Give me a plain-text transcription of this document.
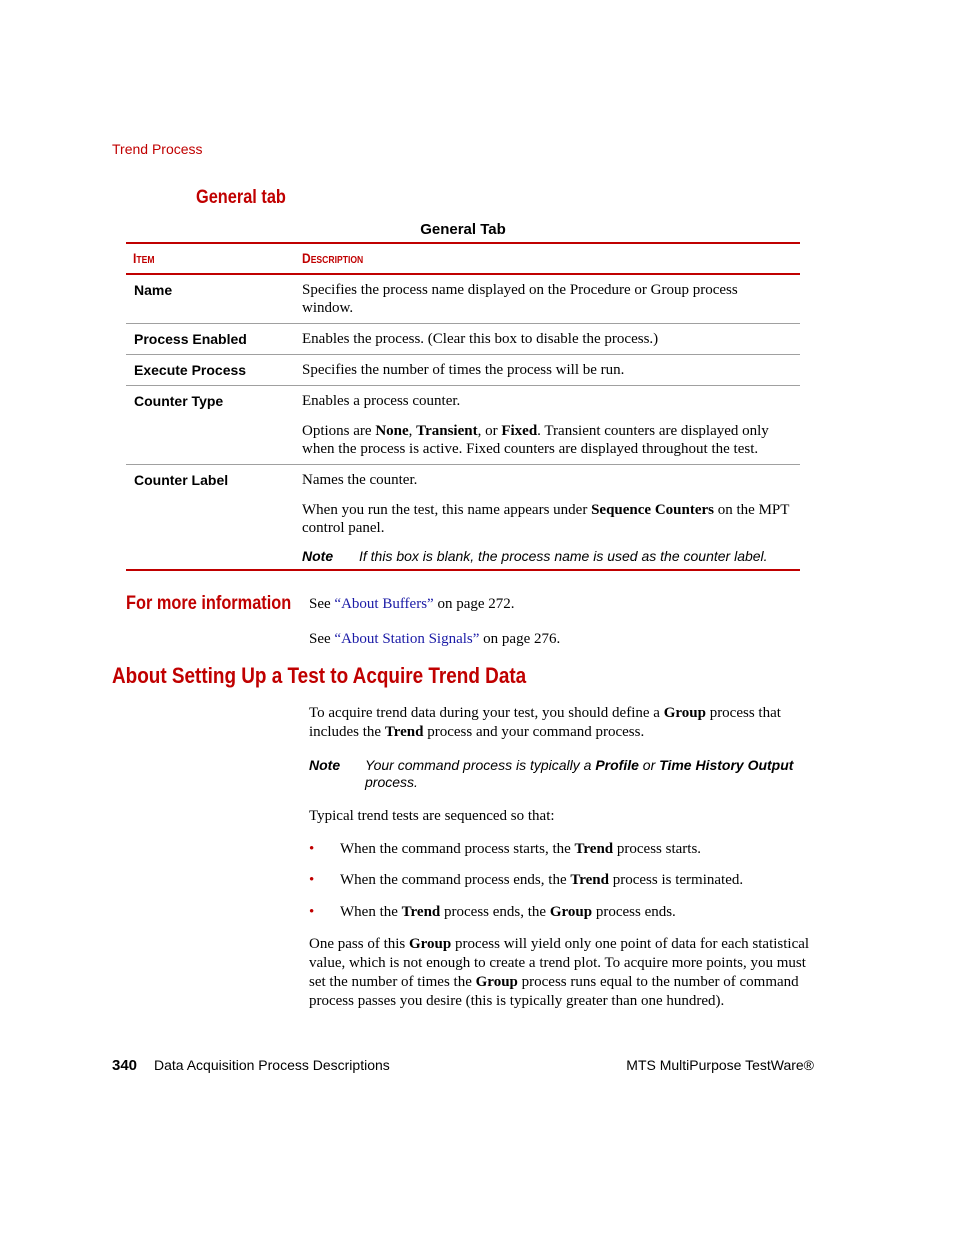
Trend Process
General tab
General Tab
Item	Description
Name	Specifies the process name displayed on the Procedure or Group process window.

Process Enabled	Enables the process. (Clear this box to disable the process.)

Execute Process	Specifies the number of times the process will be run.

Counter Type	Enables a process counter.

Options are None, Transient, or Fixed. Transient counters are displayed only when the process is active. Fixed counters are displayed throughout the test.

Counter Label	Names the counter.

When you run the test, this name appears under Sequence Counters on the MPT control panel.

Note	If this box is blank, the process name is used as the counter label.
For more information See “About Buffers” on page 272.
See “About Station Signals” on page 276.
About Setting Up a Test to Acquire Trend Data
To acquire trend data during your test, you should define a Group process that includes the Trend process and your command process.
Note	Your command process is typically a Profile or Time History Output process.
Typical trend tests are sequenced so that:
•	When the command process starts, the Trend process starts.
•	When the command process ends, the Trend process is terminated.
•	When the Trend process ends, the Group process ends.
One pass of this Group process will yield only one point of data for each statistical value, which is not enough to create a trend plot. To acquire more points, you must set the number of times the Group process runs equal to the number of command process passes you desire (this is typically greater than one hundred).
340 Data Acquisition Process Descriptions	MTS MultiPurpose TestWare®
